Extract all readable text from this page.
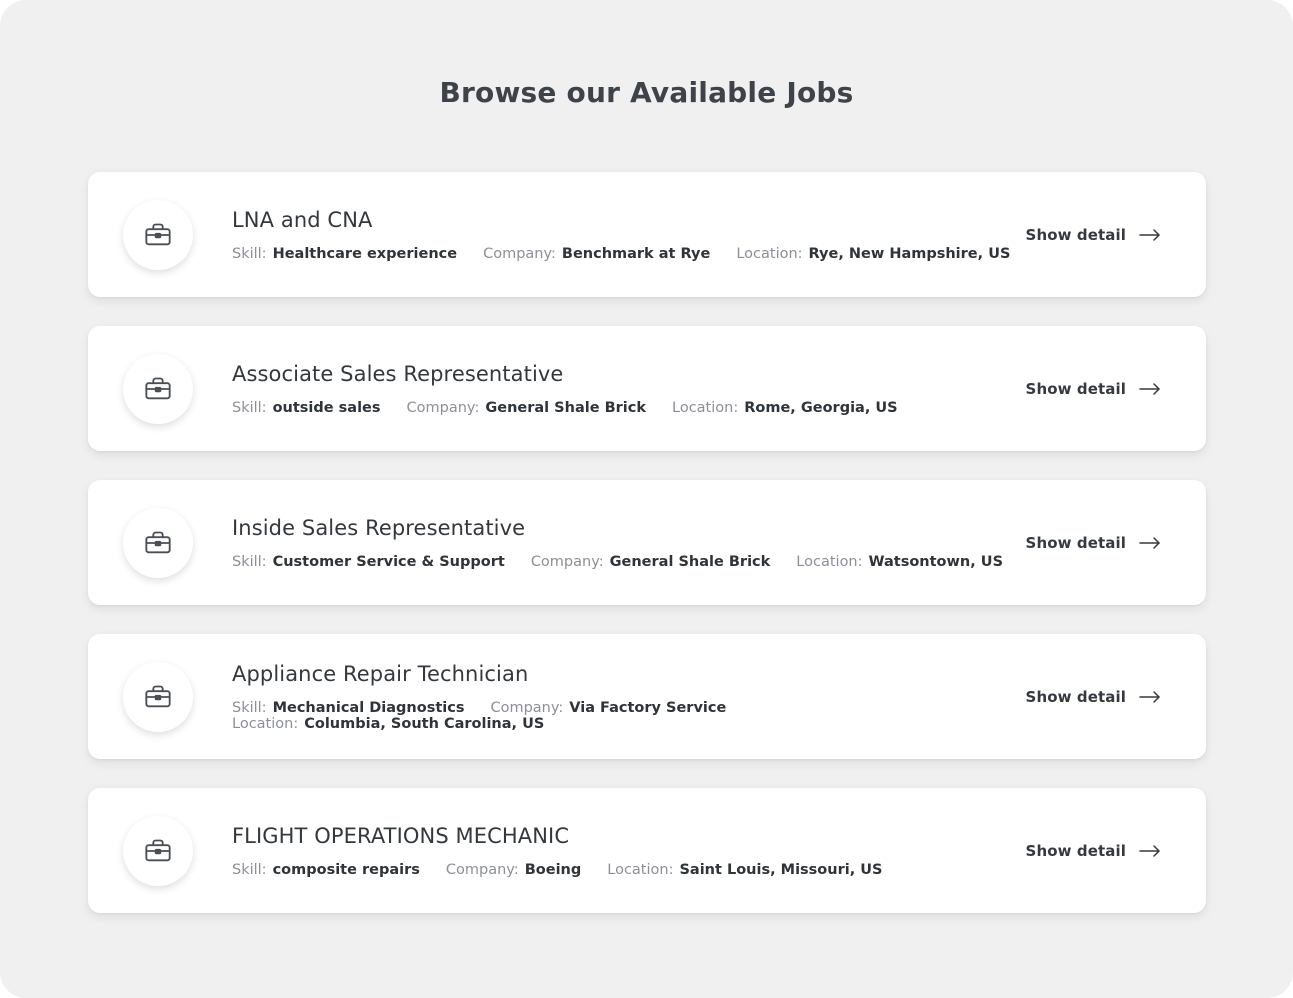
Browse our Available Jobs
LNA and CNA
Skill: Healthcare experience Company: Benchmark at Rye Location: Rye, New Hampshire, US
Show detail
Associate Sales Representative
Skill: outside sales Company: General Shale Brick Location: Rome, Georgia, US
Show detail
Inside Sales Representative
Skill: Customer Service & Support Company: General Shale Brick Location: Watsontown, US
Show detail
Appliance Repair Technician
Skill: Mechanical Diagnostics Company: Via Factory Service
Location: Columbia, South Carolina, US
Show detail
FLIGHT OPERATIONS MECHANIC
Skill: composite repairs Company: Boeing Location: Saint Louis, Missouri, US
Show detail
